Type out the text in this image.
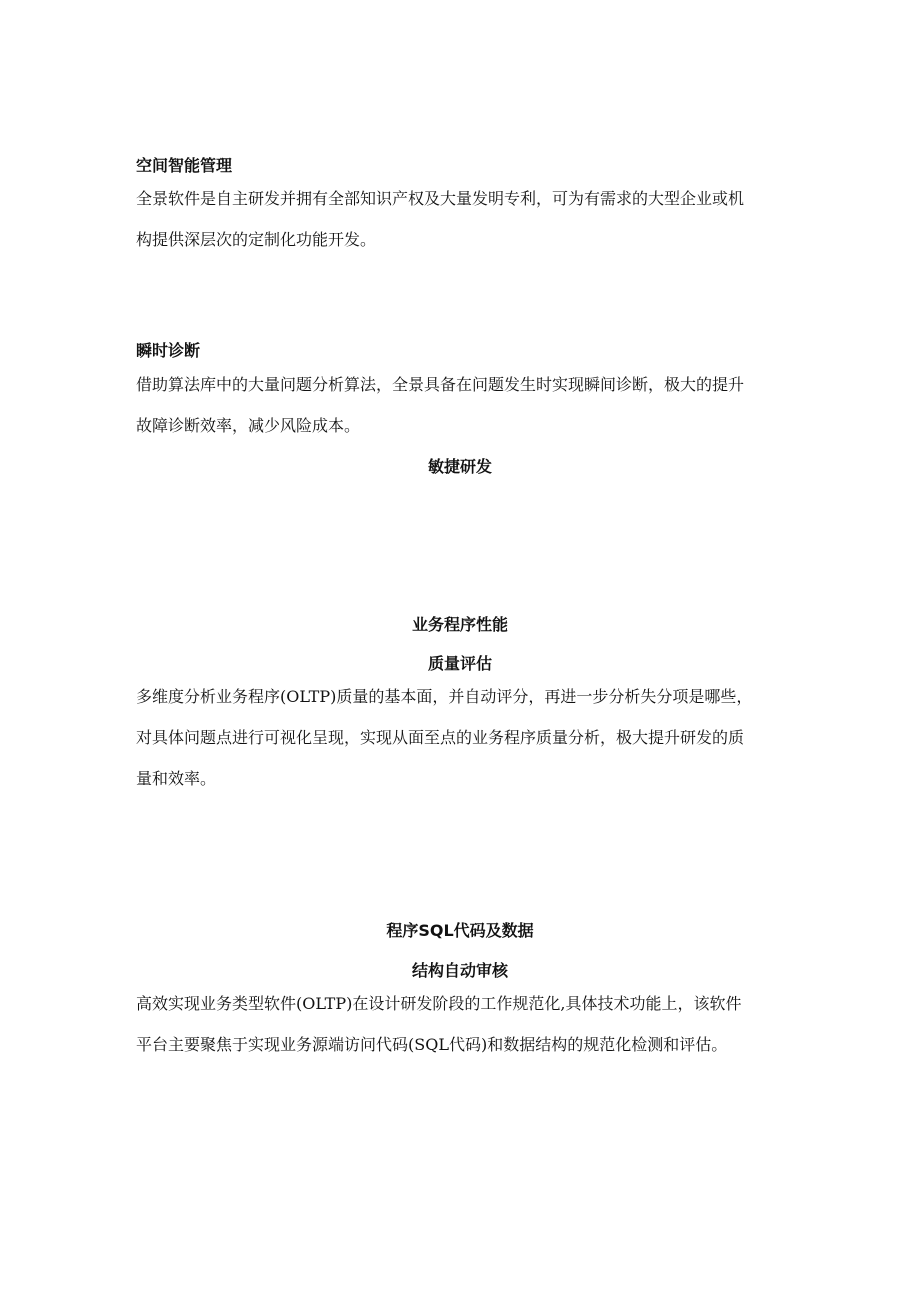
空间智能管理
全景软件是自主研发并拥有全部知识产权及大量发明专利，可为有需求的大型企业或机
构提供深层次的定制化功能开发。
瞬时诊断
借助算法库中的大量问题分析算法，全景具备在问题发生时实现瞬间诊断，极大的提升
故障诊断效率，减少风险成本。
敏捷研发
业务程序性能
质量评估
多维度分析业务程序(OLTP)质量的基本面，并自动评分，再进一步分析失分项是哪些，
对具体问题点进行可视化呈现，实现从面至点的业务程序质量分析，极大提升研发的质
量和效率。
程序SQL代码及数据
结构自动审核
高效实现业务类型软件(OLTP)在设计研发阶段的工作规范化,具体技术功能上，该软件
平台主要聚焦于实现业务源端访问代码(SQL代码)和数据结构的规范化检测和评估。
